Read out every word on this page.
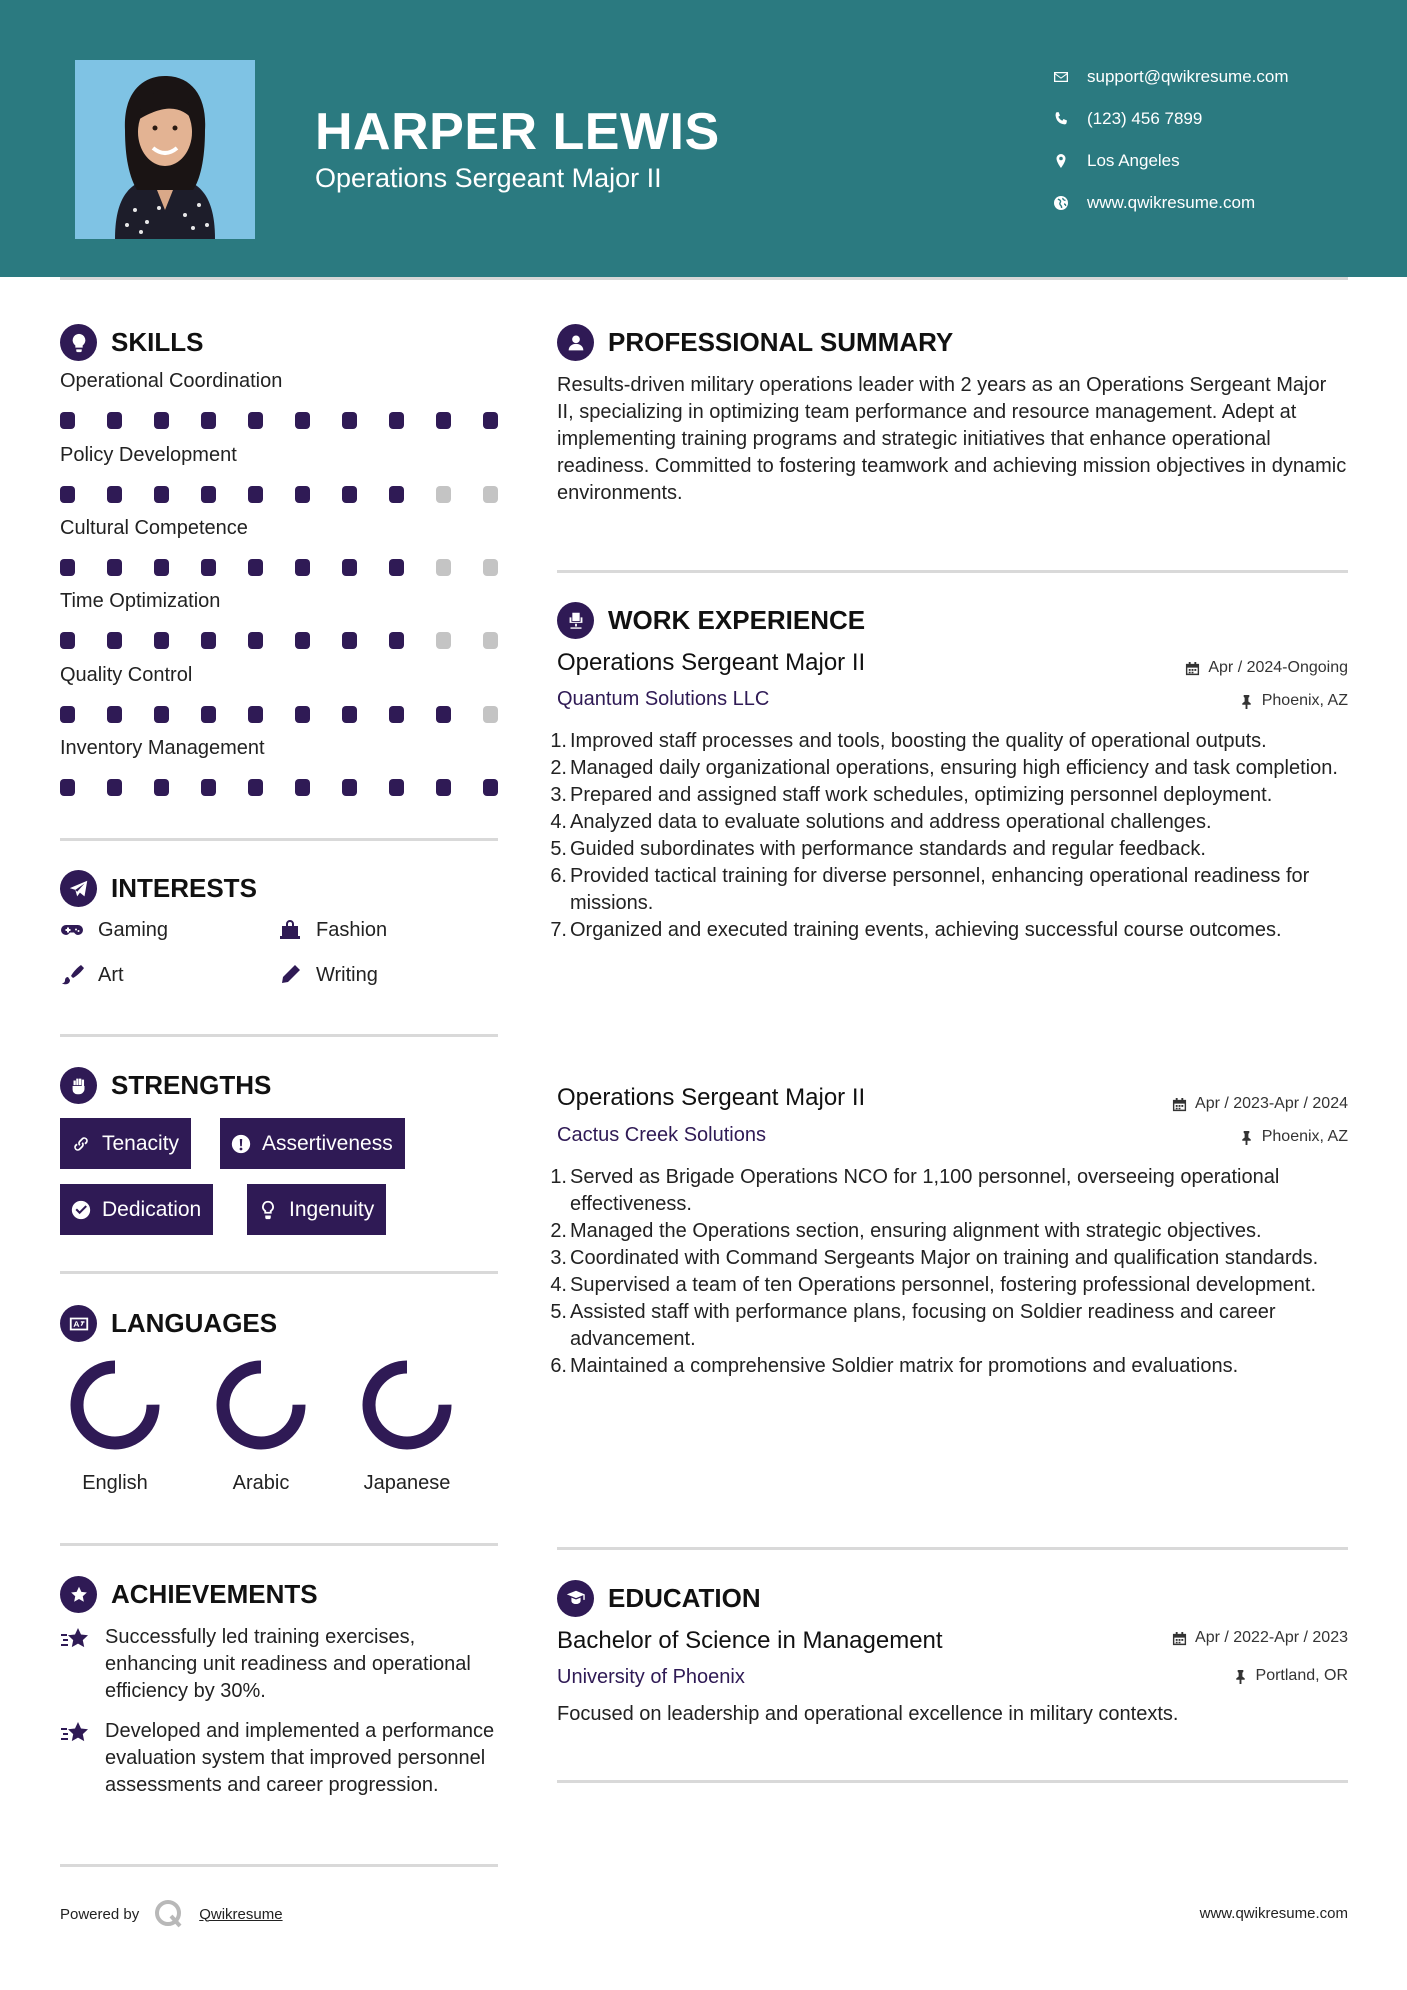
HARPER LEWIS
Operations Sergeant Major II
support@qwikresume.com
(123) 456 7899
Los Angeles
www.qwikresume.com
SKILLS
Operational Coordination
Policy Development
Cultural Competence
Time Optimization
Quality Control
Inventory Management
INTERESTS
Gaming	Fashion
Art	Writing
STRENGTHS
Tenacity	Assertiveness
Dedication	Ingenuity
LANGUAGES
English	Arabic	Japanese
ACHIEVEMENTS
Successfully led training exercises, enhancing unit readiness and operational efficiency by 30%.
Developed and implemented a performance evaluation system that improved personnel assessments and career progression.
PROFESSIONAL SUMMARY
Results-driven military operations leader with 2 years as an Operations Sergeant Major II, specializing in optimizing team performance and resource management. Adept at implementing training programs and strategic initiatives that enhance operational readiness. Committed to fostering teamwork and achieving mission objectives in dynamic environments.
WORK EXPERIENCE
Operations Sergeant Major II	Apr / 2024-Ongoing
Quantum Solutions LLC	Phoenix, AZ
1. Improved staff processes and tools, boosting the quality of operational outputs.
2. Managed daily organizational operations, ensuring high efficiency and task completion.
3. Prepared and assigned staff work schedules, optimizing personnel deployment.
4. Analyzed data to evaluate solutions and address operational challenges.
5. Guided subordinates with performance standards and regular feedback.
6. Provided tactical training for diverse personnel, enhancing operational readiness for missions.
7. Organized and executed training events, achieving successful course outcomes.
Operations Sergeant Major II	Apr / 2023-Apr / 2024
Cactus Creek Solutions	Phoenix, AZ
1. Served as Brigade Operations NCO for 1,100 personnel, overseeing operational effectiveness.
2. Managed the Operations section, ensuring alignment with strategic objectives.
3. Coordinated with Command Sergeants Major on training and qualification standards.
4. Supervised a team of ten Operations personnel, fostering professional development.
5. Assisted staff with performance plans, focusing on Soldier readiness and career advancement.
6. Maintained a comprehensive Soldier matrix for promotions and evaluations.
EDUCATION
Bachelor of Science in Management	Apr / 2022-Apr / 2023
University of Phoenix	Portland, OR
Focused on leadership and operational excellence in military contexts.
Powered by	Qwikresume	www.qwikresume.com
